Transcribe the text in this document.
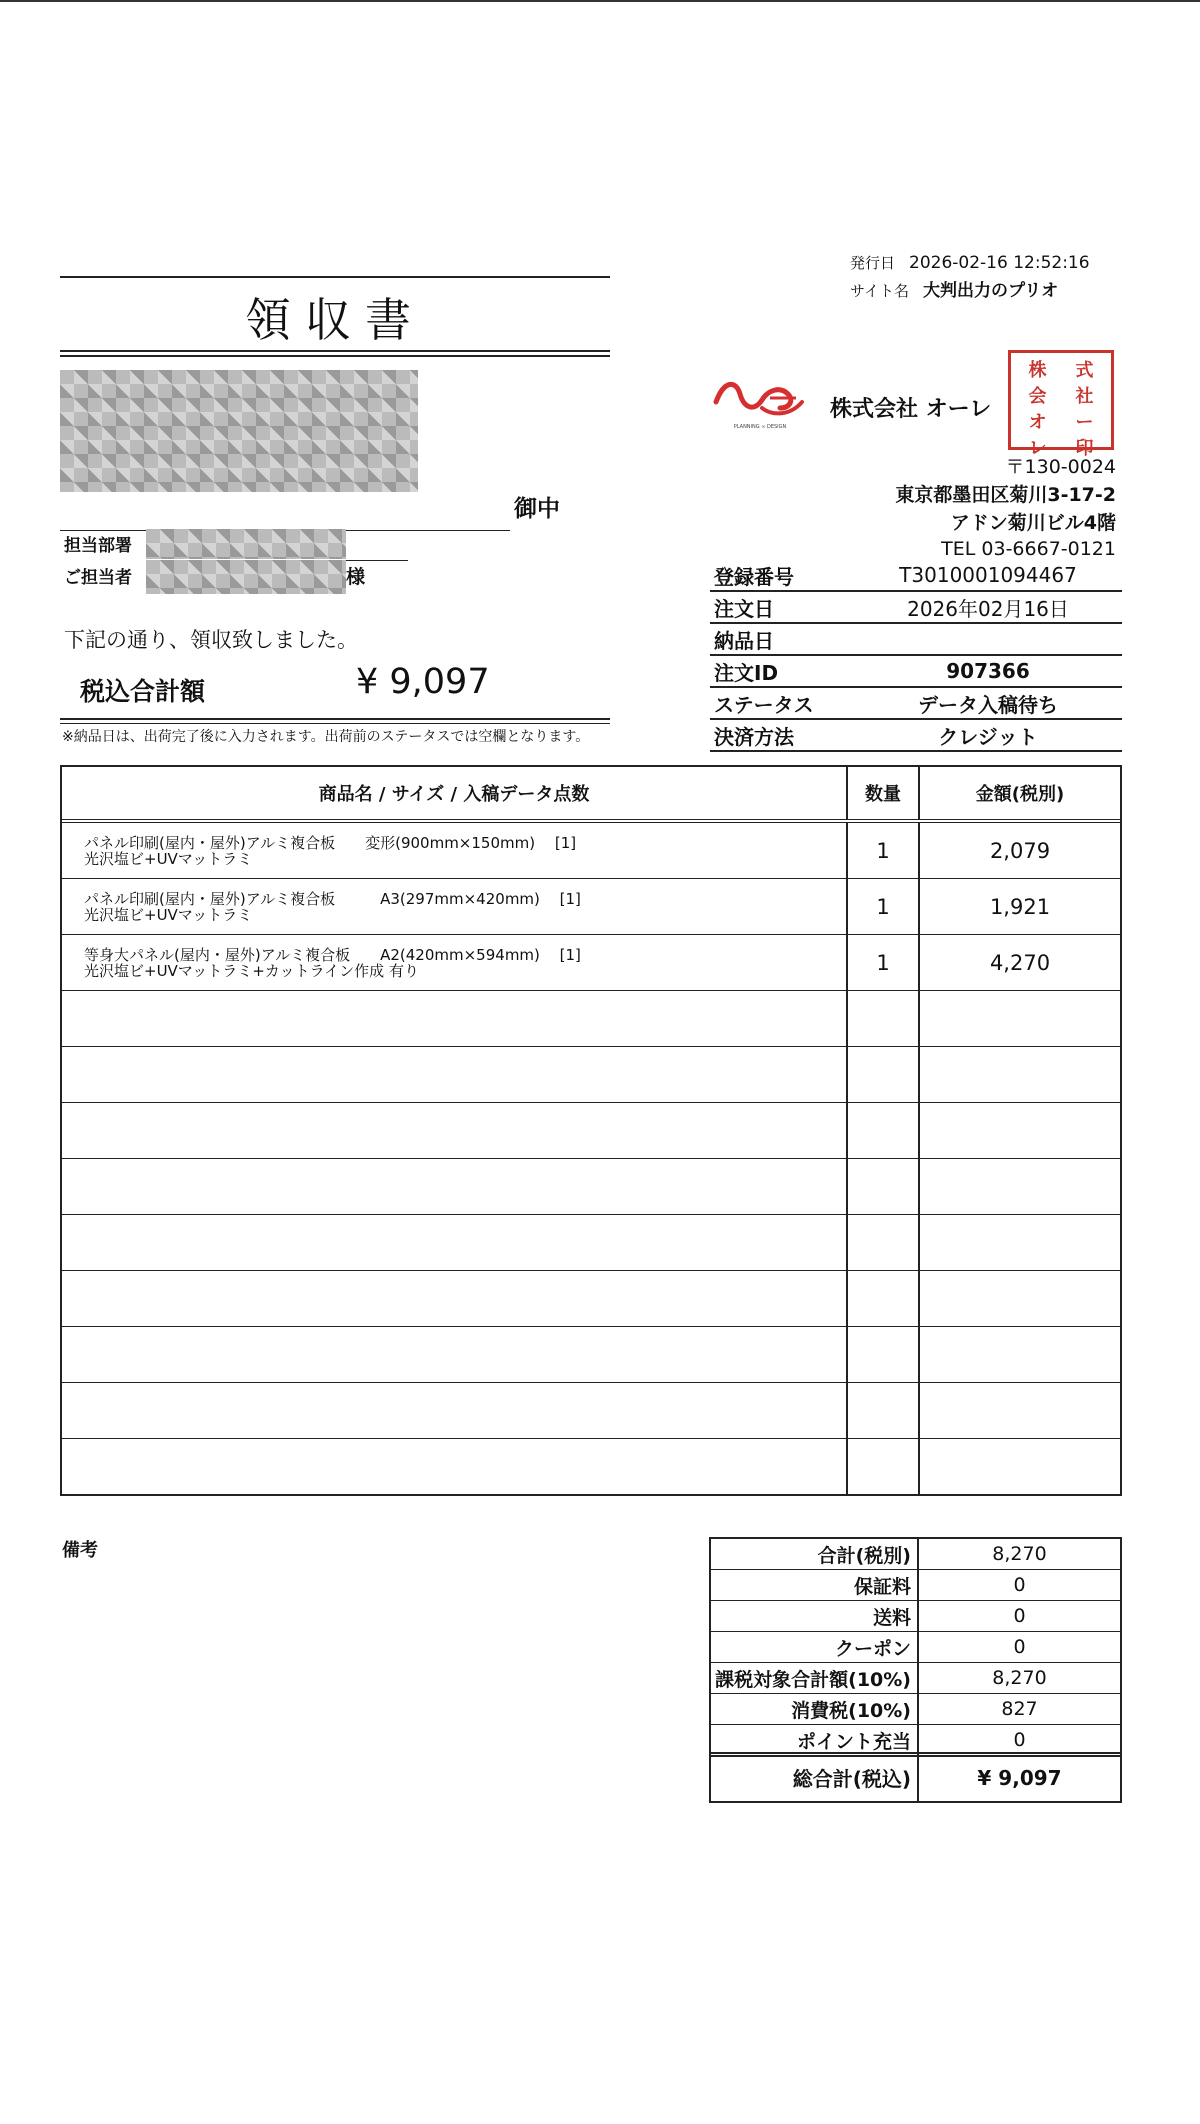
領収書
御中
担当部署
ご担当者	様
下記の通り、領収致しました。
税込合計額	¥ 9,097
※納品日は、出荷完了後に入力されます。出荷前のステータスでは空欄となります。
発行日 2026-02-16 12:52:16
サイト名 大判出力のプリオ
PLANNING ∞ DESIGN
株式会社 オーレ
株	式
会	社
オ	ー
レ	印
〒130-0024
東京都墨田区菊川3-17-2
アドン菊川ビル4階
TEL 03-6667-0121
登録番号	T3010001094467
注文日	2026年02月16日
納品日
注文ID	907366
ステータス	データ入稿待ち
決済方法	クレジット
商品名 / サイズ / 入稿データ点数	数量	金額(税別)
パネル印刷(屋内・屋外)アルミ複合板　　変形(900mm×150mm)　 [1]
光沢塩ビ+UVマットラミ	1	2,079
パネル印刷(屋内・屋外)アルミ複合板　　　A3(297mm×420mm)　 [1]
光沢塩ビ+UVマットラミ	1	1,921
等身大パネル(屋内・屋外)アルミ複合板　　A2(420mm×594mm)　 [1]
光沢塩ビ+UVマットラミ+カットライン作成 有り	1	4,270
備考	合計(税別)	8,270
保証料	0
送料	0
クーポン	0
課税対象合計額(10%)	8,270
消費税(10%)	827
ポイント充当	0
総合計(税込)	¥ 9,097
